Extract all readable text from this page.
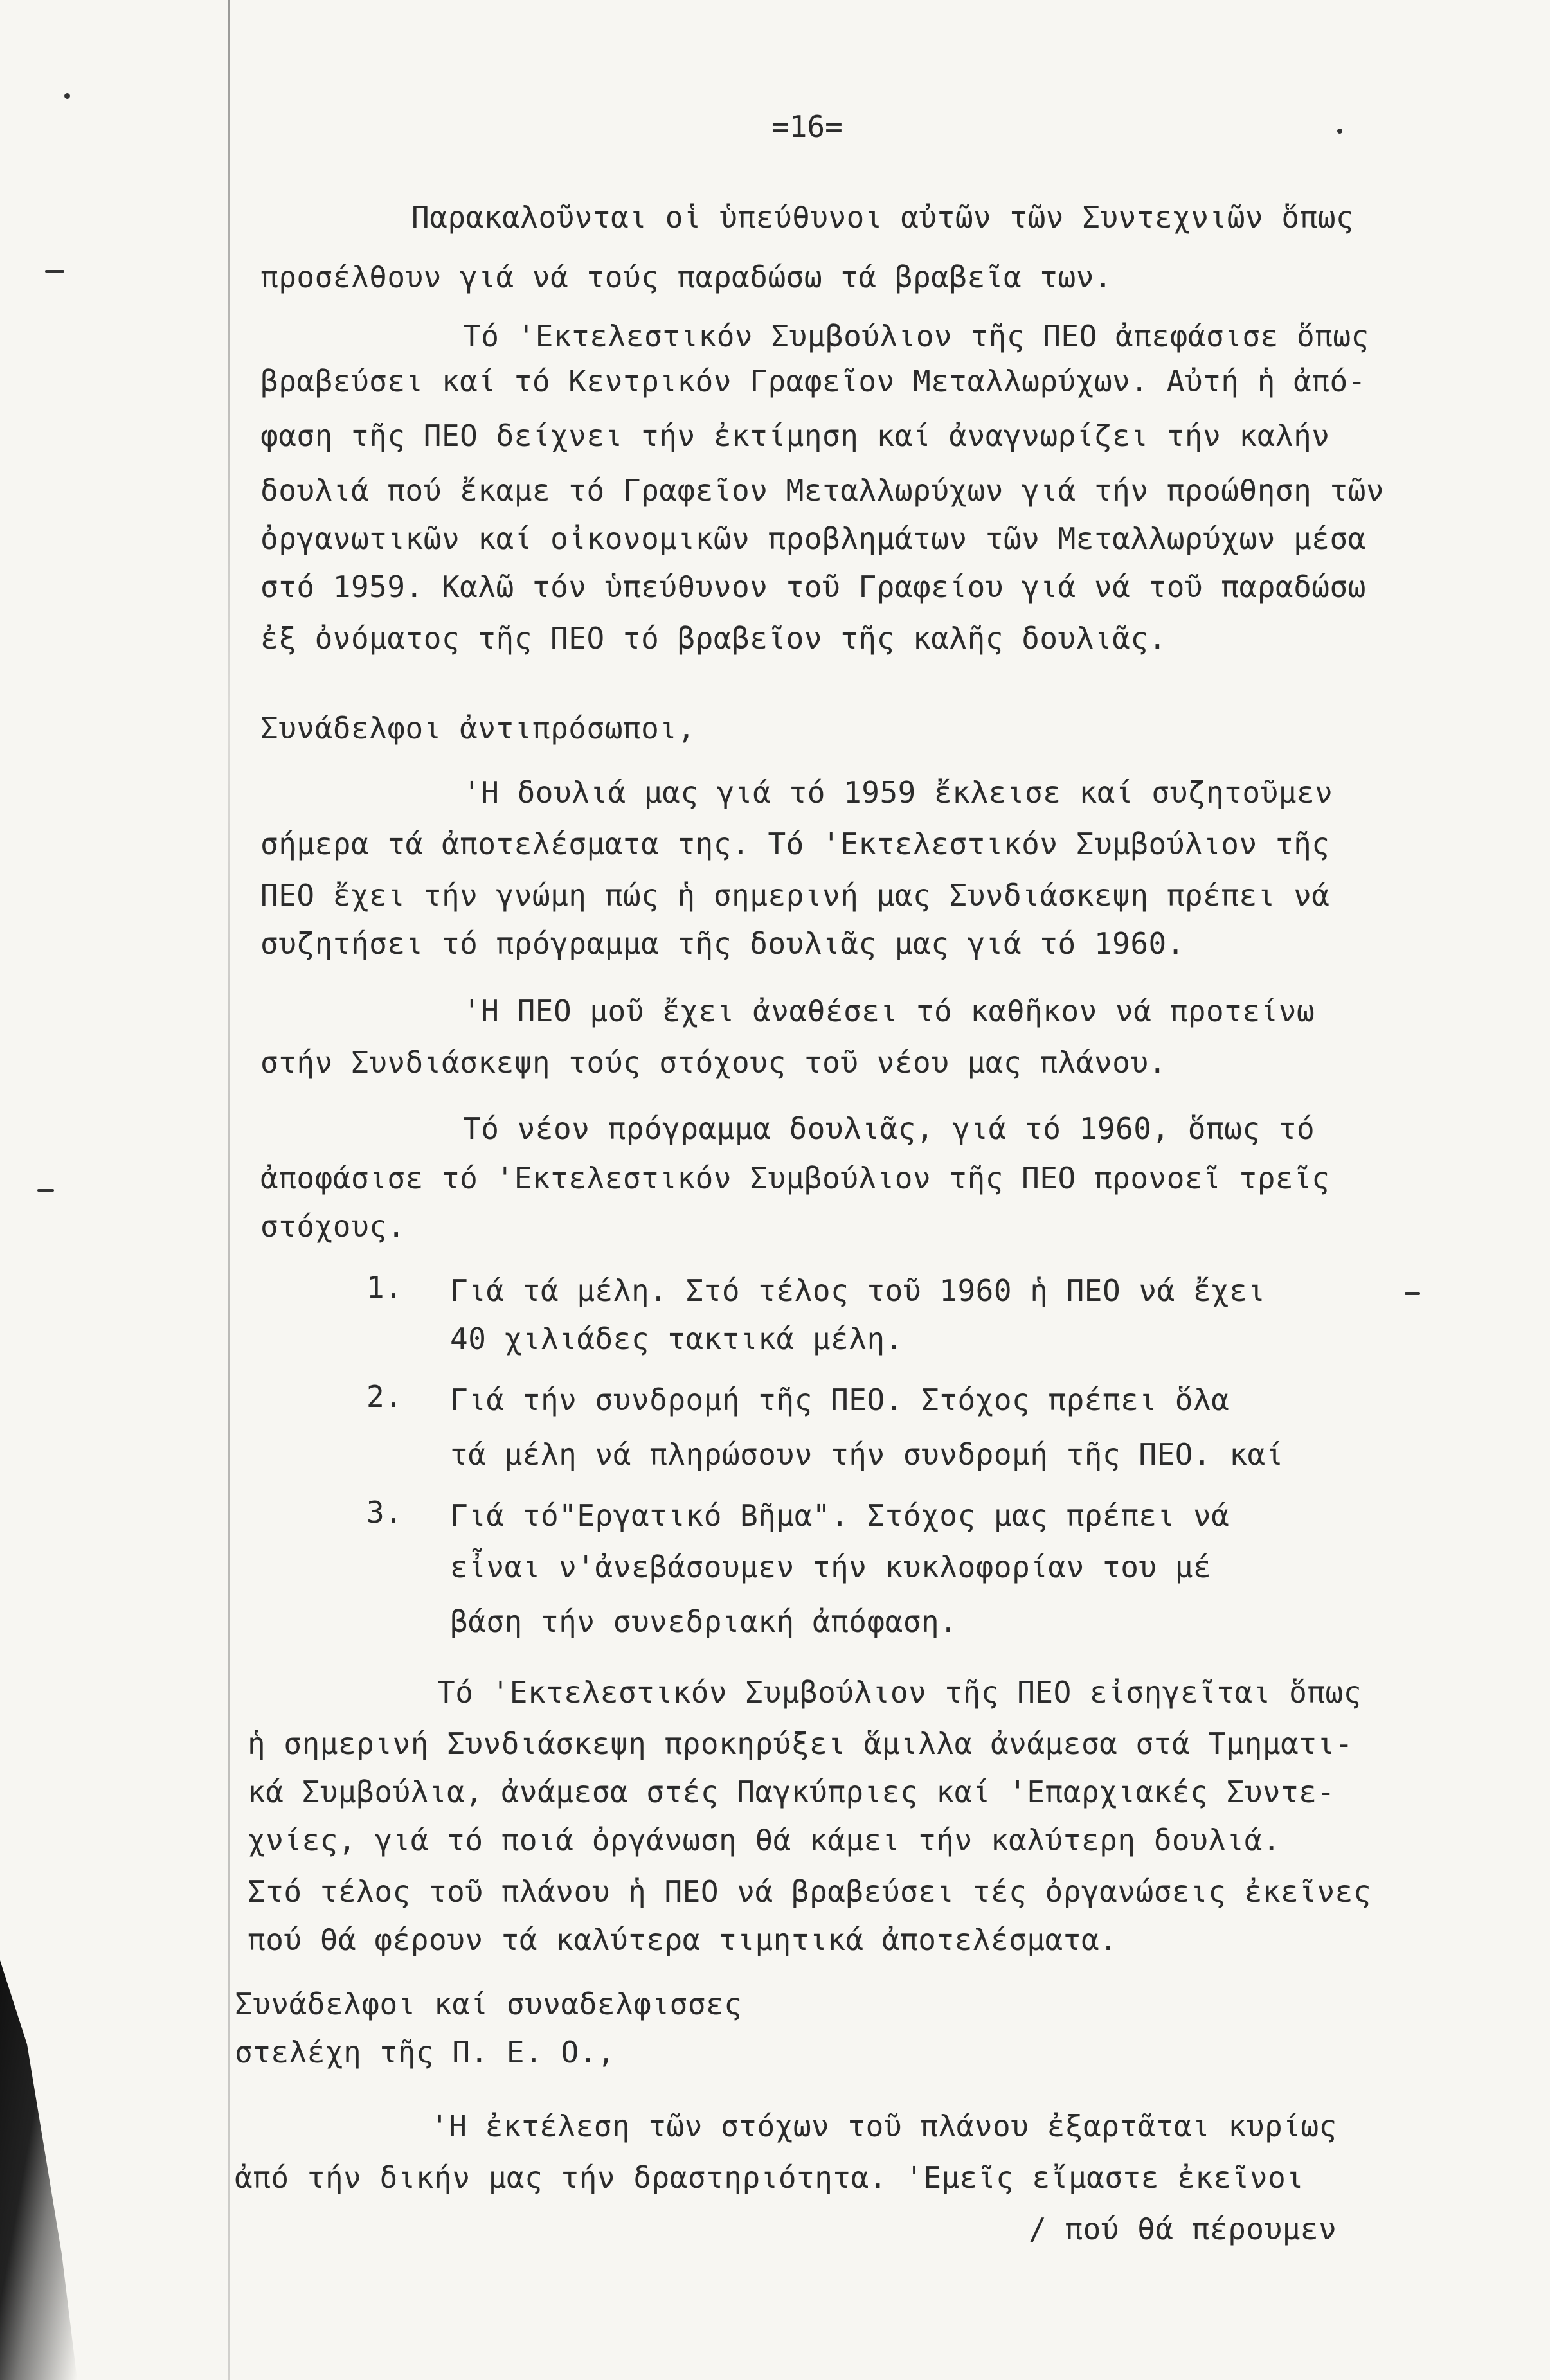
=16=
Παρακαλοῦνται οἱ ὑπεύθυνοι αὐτῶν τῶν Συντεχνιῶν ὅπως
προσέλθουν γιά νά τούς παραδώσω τά βραβεῖα των.
Τό 'Εκτελεστικόν Συμβούλιον τῆς ΠΕΟ ἀπεφάσισε ὅπως
βραβεύσει καί τό Κεντρικόν Γραφεῖον Μεταλλωρύχων. Αὐτή ἡ ἀπό-
φαση τῆς ΠΕΟ δείχνει τήν ἐκτίμηση καί ἀναγνωρίζει τήν καλήν
δουλιά πού ἔκαμε τό Γραφεῖον Μεταλλωρύχων γιά τήν προώθηση τῶν
ὀργανωτικῶν καί οἰκονομικῶν προβλημάτων τῶν Μεταλλωρύχων μέσα
στό 1959. Καλῶ τόν ὑπεύθυνον τοῦ Γραφείου γιά νά τοῦ παραδώσω
ἐξ ὀνόματος τῆς ΠΕΟ τό βραβεῖον τῆς καλῆς δουλιᾶς.
Συνάδελφοι ἀντιπρόσωποι,
'Η δουλιά μας γιά τό 1959 ἔκλεισε καί συζητοῦμεν
σήμερα τά ἀποτελέσματα της. Τό 'Εκτελεστικόν Συμβούλιον τῆς
ΠΕΟ ἔχει τήν γνώμη πώς ἡ σημερινή μας Συνδιάσκεψη πρέπει νά
συζητήσει τό πρόγραμμα τῆς δουλιᾶς μας γιά τό 1960.
'Η ΠΕΟ μοῦ ἔχει ἀναθέσει τό καθῆκον νά προτείνω
στήν Συνδιάσκεψη τούς στόχους τοῦ νέου μας πλάνου.
Τό νέον πρόγραμμα δουλιᾶς, γιά τό 1960, ὅπως τό
ἀποφάσισε τό 'Εκτελεστικόν Συμβούλιον τῆς ΠΕΟ προνοεῖ τρεῖς
στόχους.
1. Γιά τά μέλη. Στό τέλος τοῦ 1960 ἡ ΠΕΟ νά ἔχει
40 χιλιάδες τακτικά μέλη.
2. Γιά τήν συνδρομή τῆς ΠΕΟ. Στόχος πρέπει ὅλα
τά μέλη νά πληρώσουν τήν συνδρομή τῆς ΠΕΟ. καί
3. Γιά τό"Εργατικό Βῆμα". Στόχος μας πρέπει νά
εἶναι ν'ἀνεβάσουμεν τήν κυκλοφορίαν του μέ
βάση τήν συνεδριακή ἀπόφαση.
Τό 'Εκτελεστικόν Συμβούλιον τῆς ΠΕΟ εἰσηγεῖται ὅπως
ἡ σημερινή Συνδιάσκεψη προκηρύξει ἅμιλλα ἀνάμεσα στά Τμηματι-
κά Συμβούλια, ἀνάμεσα στές Παγκύπριες καί 'Επαρχιακές Συντε-
χνίες, γιά τό ποιά ὀργάνωση θά κάμει τήν καλύτερη δουλιά.
Στό τέλος τοῦ πλάνου ἡ ΠΕΟ νά βραβεύσει τές ὀργανώσεις ἐκεῖνες
πού θά φέρουν τά καλύτερα τιμητικά ἀποτελέσματα.
Συνάδελφοι καί συναδελφισσες
στελέχη τῆς Π. Ε. Ο.,
'Η ἐκτέλεση τῶν στόχων τοῦ πλάνου ἐξαρτᾶται κυρίως
ἀπό τήν δικήν μας τήν δραστηριότητα. 'Εμεῖς εἴμαστε ἐκεῖνοι
/ πού θά πέρουμεν
